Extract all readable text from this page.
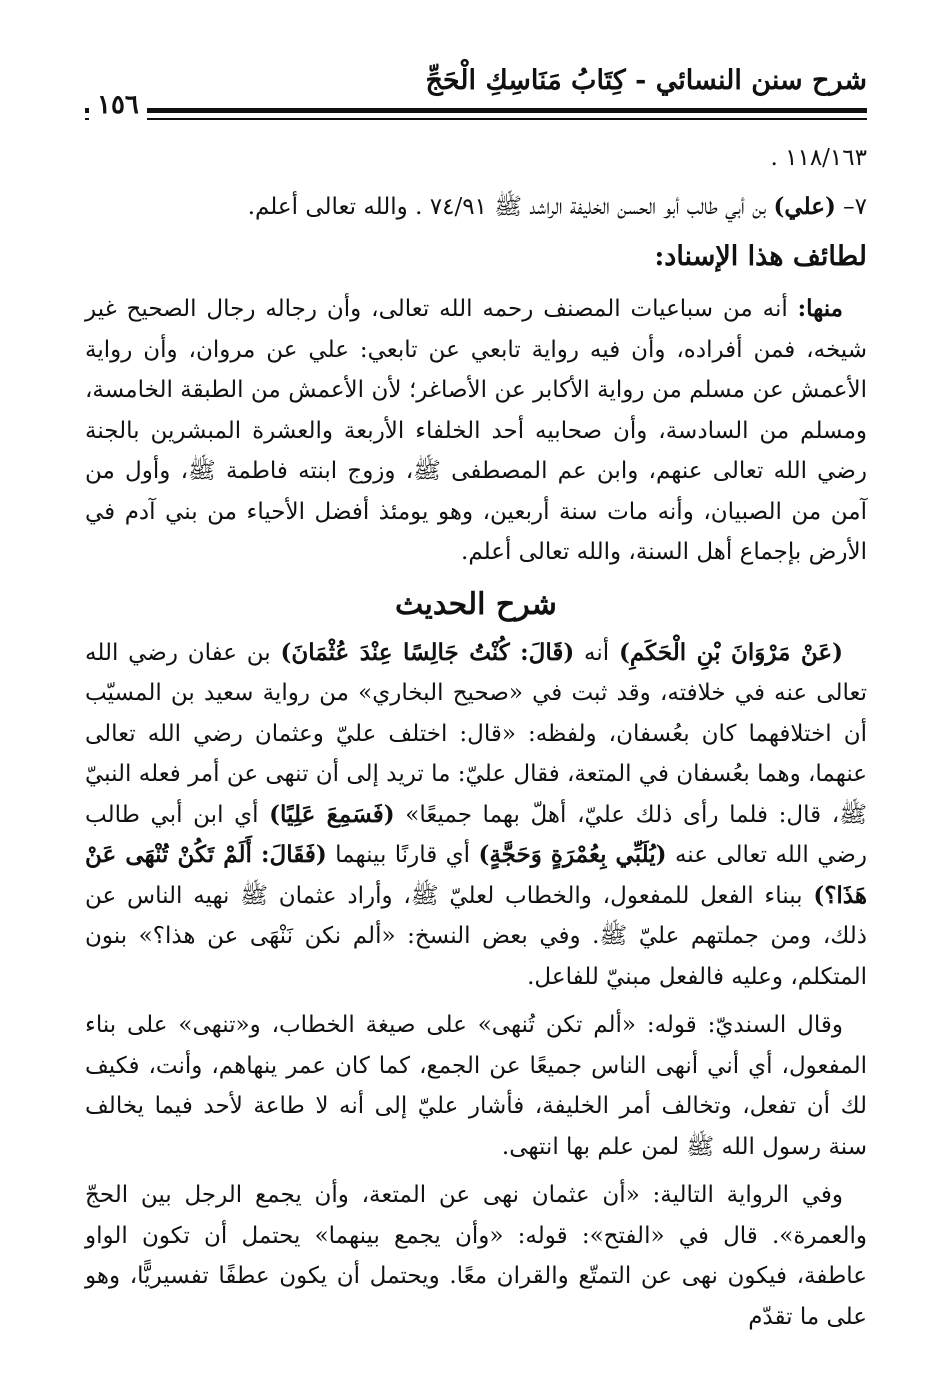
شرح سنن النسائي - كِتَابُ مَنَاسِكِ الْحَجِّ
١٥٦

١١٨/١٦٣ .

٧– (علي) بن أبي طالب أبو الحسن الخليفة الراشد ﷺ ٧٤/٩١ . والله تعالى أعلم.

لطائف هذا الإسناد:

منها: أنه من سباعيات المصنف رحمه الله تعالى، وأن رجاله رجال الصحيح غير شيخه، فمن أفراده، وأن فيه رواية تابعي عن تابعي: علي عن مروان، وأن رواية الأعمش عن مسلم من رواية الأكابر عن الأصاغر؛ لأن الأعمش من الطبقة الخامسة، ومسلم من السادسة، وأن صحابيه أحد الخلفاء الأربعة والعشرة المبشرين بالجنة رضي الله تعالى عنهم، وابن عم المصطفى ﷺ، وزوج ابنته فاطمة ﷺ، وأول من آمن من الصبيان، وأنه مات سنة أربعين، وهو يومئذ أفضل الأحياء من بني آدم في الأرض بإجماع أهل السنة، والله تعالى أعلم.

شرح الحديث

(عَنْ مَرْوَانَ بْنِ الْحَكَمِ) أنه (قَالَ: كُنْتُ جَالِسًا عِنْدَ عُثْمَانَ) بن عفان رضي الله تعالى عنه في خلافته، وقد ثبت في «صحيح البخاري» من رواية سعيد بن المسيّب أن اختلافهما كان بعُسفان، ولفظه: «قال: اختلف عليّ وعثمان رضي الله تعالى عنهما، وهما بعُسفان في المتعة، فقال عليّ: ما تريد إلى أن تنهى عن أمر فعله النبيّ ﷺ، قال: فلما رأى ذلك عليّ، أهلّ بهما جميعًا» (فَسَمِعَ عَلِيًا) أي ابن أبي طالب رضي الله تعالى عنه (يُلَبِّي بِعُمْرَةٍ وَحَجَّةٍ) أي قارنًا بينهما (فَقَالَ: أَلَمْ تَكُنْ تُنْهَى عَنْ هَذَا؟) ببناء الفعل للمفعول، والخطاب لعليّ ﷺ، وأراد عثمان ﷺ نهيه الناس عن ذلك، ومن جملتهم عليّ ﷺ. وفي بعض النسخ: «ألم نكن نَنْهَى عن هذا؟» بنون المتكلم، وعليه فالفعل مبنيّ للفاعل.

وقال السنديّ: قوله: «ألم تكن تُنهى» على صيغة الخطاب، و«تنهى» على بناء المفعول، أي أني أنهى الناس جميعًا عن الجمع، كما كان عمر ينهاهم، وأنت، فكيف لك أن تفعل، وتخالف أمر الخليفة، فأشار عليّ إلى أنه لا طاعة لأحد فيما يخالف سنة رسول الله ﷺ لمن علم بها انتهى.

وفي الرواية التالية: «أن عثمان نهى عن المتعة، وأن يجمع الرجل بين الحجّ والعمرة». قال في «الفتح»: قوله: «وأن يجمع بينهما» يحتمل أن تكون الواو عاطفة، فيكون نهى عن التمتّع والقران معًا. ويحتمل أن يكون عطفًا تفسيريًّا، وهو على ما تقدّم
